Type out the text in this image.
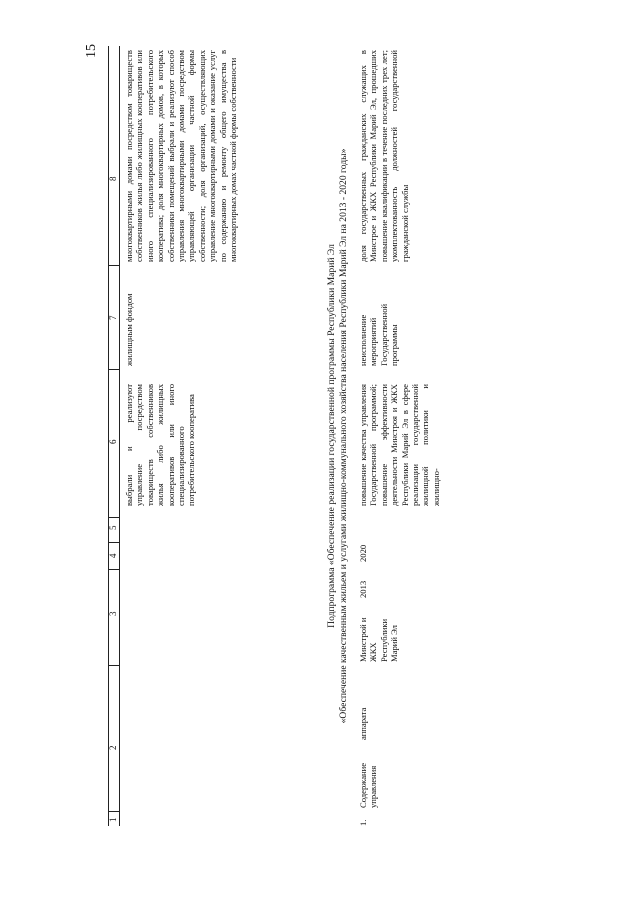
15
1
2
3
4
5
6
7
8
выбрали и реализуют управление посредством товариществ собственников жилья либо жилищных кооперативов или иного специализированного потребительского кооператива
жилищным фондом
многоквартирными домами посредством товариществ собственников жилья либо жилищных кооперативов или иного специализированного потребительского кооператива; доля многоквартирных домов, в которых собственники помещений выбрали и реализуют способ управления многоквартирными домами посредством управляющей организации частной формы собственности; доля организаций, осуществляющих управление многоквартирными домами и оказание услуг по содержанию и ремонту общего имущества в многоквартирных домах частной формы собственности
Подпрограмма «Обеспечение реализации государственной программы Республики Марий Эл «Обеспечение качественным жильем и услугами жилищно-коммунального хозяйства населения Республики Марий Эл на 2013 - 2020 годы»
1.
Содержание управления
аппарата
Минстрой и ЖКХ Республики Марий Эл
2013
2020
повышение качества управления Государственной программой; повышение эффективности деятельности Минстроя и ЖКХ Республики Марий Эл в сфере реализации государственной жилищной политики и жилищно-
неисполнение мероприятий Государственной программы
доля государственных гражданских служащих в Минстрое и ЖКХ Республики Марий Эл, прошедших повышение квалификации в течение последних трех лет; укомплектованность должностей государственной гражданской службы
